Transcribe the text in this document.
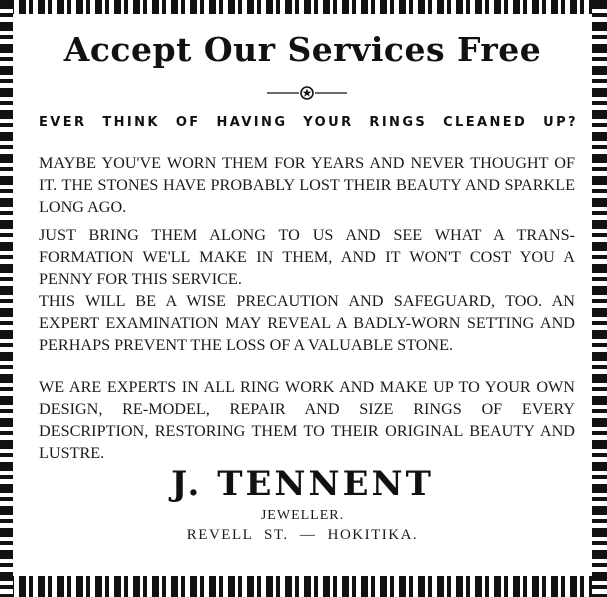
Accept Our Services Free
EVER THINK OF HAVING YOUR RINGS CLEANED UP?
MAYBE YOU'VE WORN THEM FOR YEARS AND NEVER THOUGHT OF IT. THE STONES HAVE PROBABLY LOST THEIR BEAUTY AND SPARKLE LONG AGO.
JUST BRING THEM ALONG TO US AND SEE WHAT A TRANS-FORMATION WE'LL MAKE IN THEM, AND IT WON'T COST YOU A PENNY FOR THIS SERVICE.
THIS WILL BE A WISE PRECAUTION AND SAFEGUARD, TOO. AN EXPERT EXAMINATION MAY REVEAL A BADLY-WORN SETTING AND PERHAPS PREVENT THE LOSS OF A VALUABLE STONE.
WE ARE EXPERTS IN ALL RING WORK AND MAKE UP TO YOUR OWN DESIGN, RE-MODEL, REPAIR AND SIZE RINGS OF EVERY DESCRIPTION, RESTORING THEM TO THEIR ORIGINAL BEAUTY AND LUSTRE.
J. TENNENT
JEWELLER.
REVELL ST. — HOKITIKA.
